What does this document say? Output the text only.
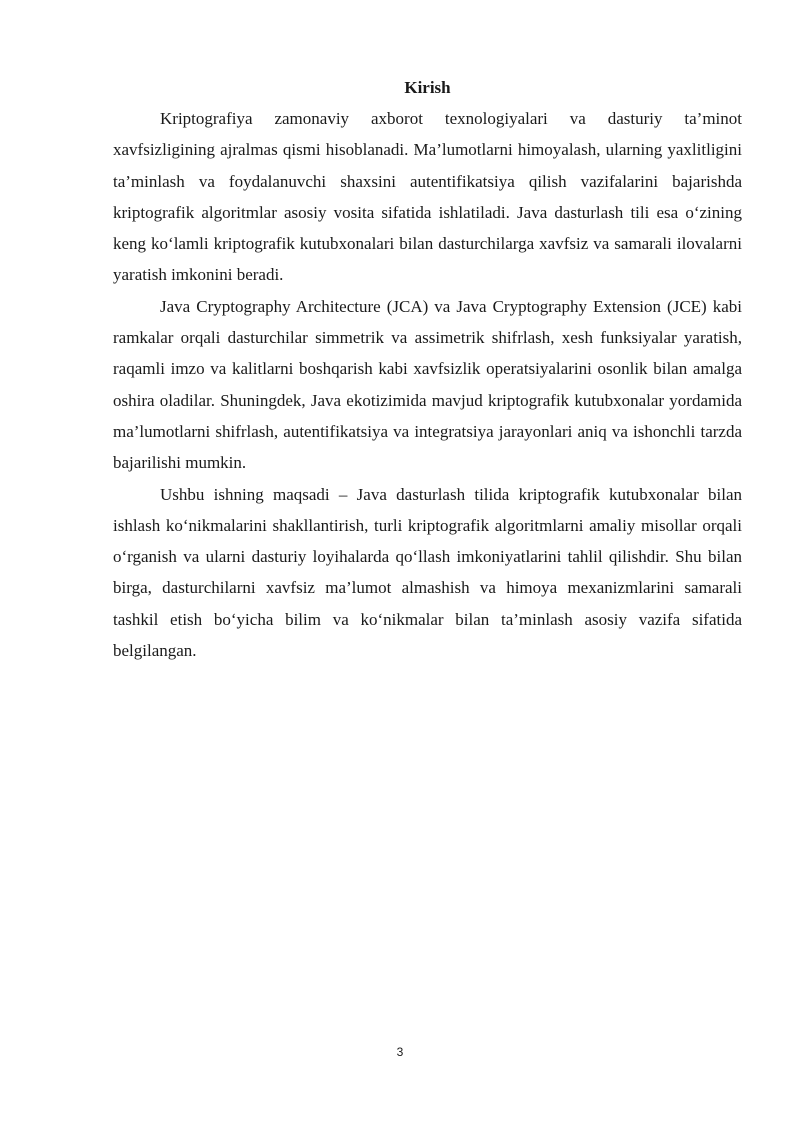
Kirish

Kriptografiya zamonaviy axborot texnologiyalari va dasturiy ta’minot xavfsizligining ajralmas qismi hisoblanadi. Ma’lumotlarni himoyalash, ularning yaxlitligini ta’minlash va foydalanuvchi shaxsini autentifikatsiya qilish vazifalarini bajarishda kriptografik algoritmlar asosiy vosita sifatida ishlatiladi. Java dasturlash tili esa o‘zining keng ko‘lamli kriptografik kutubxonalari bilan dasturchilarga xavfsiz va samarali ilovalarni yaratish imkonini beradi.

Java Cryptography Architecture (JCA) va Java Cryptography Extension (JCE) kabi ramkalar orqali dasturchilar simmetrik va assimetrik shifrlash, xesh funksiyalar yaratish, raqamli imzo va kalitlarni boshqarish kabi xavfsizlik operatsiyalarini osonlik bilan amalga oshira oladilar. Shuningdek, Java ekotizimida mavjud kriptografik kutubxonalar yordamida ma’lumotlarni shifrlash, autentifikatsiya va integratsiya jarayonlari aniq va ishonchli tarzda bajarilishi mumkin.

Ushbu ishning maqsadi – Java dasturlash tilida kriptografik kutubxonalar bilan ishlash ko‘nikmalarini shakllantirish, turli kriptografik algoritmlarni amaliy misollar orqali o‘rganish va ularni dasturiy loyihalarda qo‘llash imkoniyatlarini tahlil qilishdir. Shu bilan birga, dasturchilarni xavfsiz ma’lumot almashish va himoya mexanizmlarini samarali tashkil etish bo‘yicha bilim va ko‘nikmalar bilan ta’minlash asosiy vazifa sifatida belgilangan.

3
